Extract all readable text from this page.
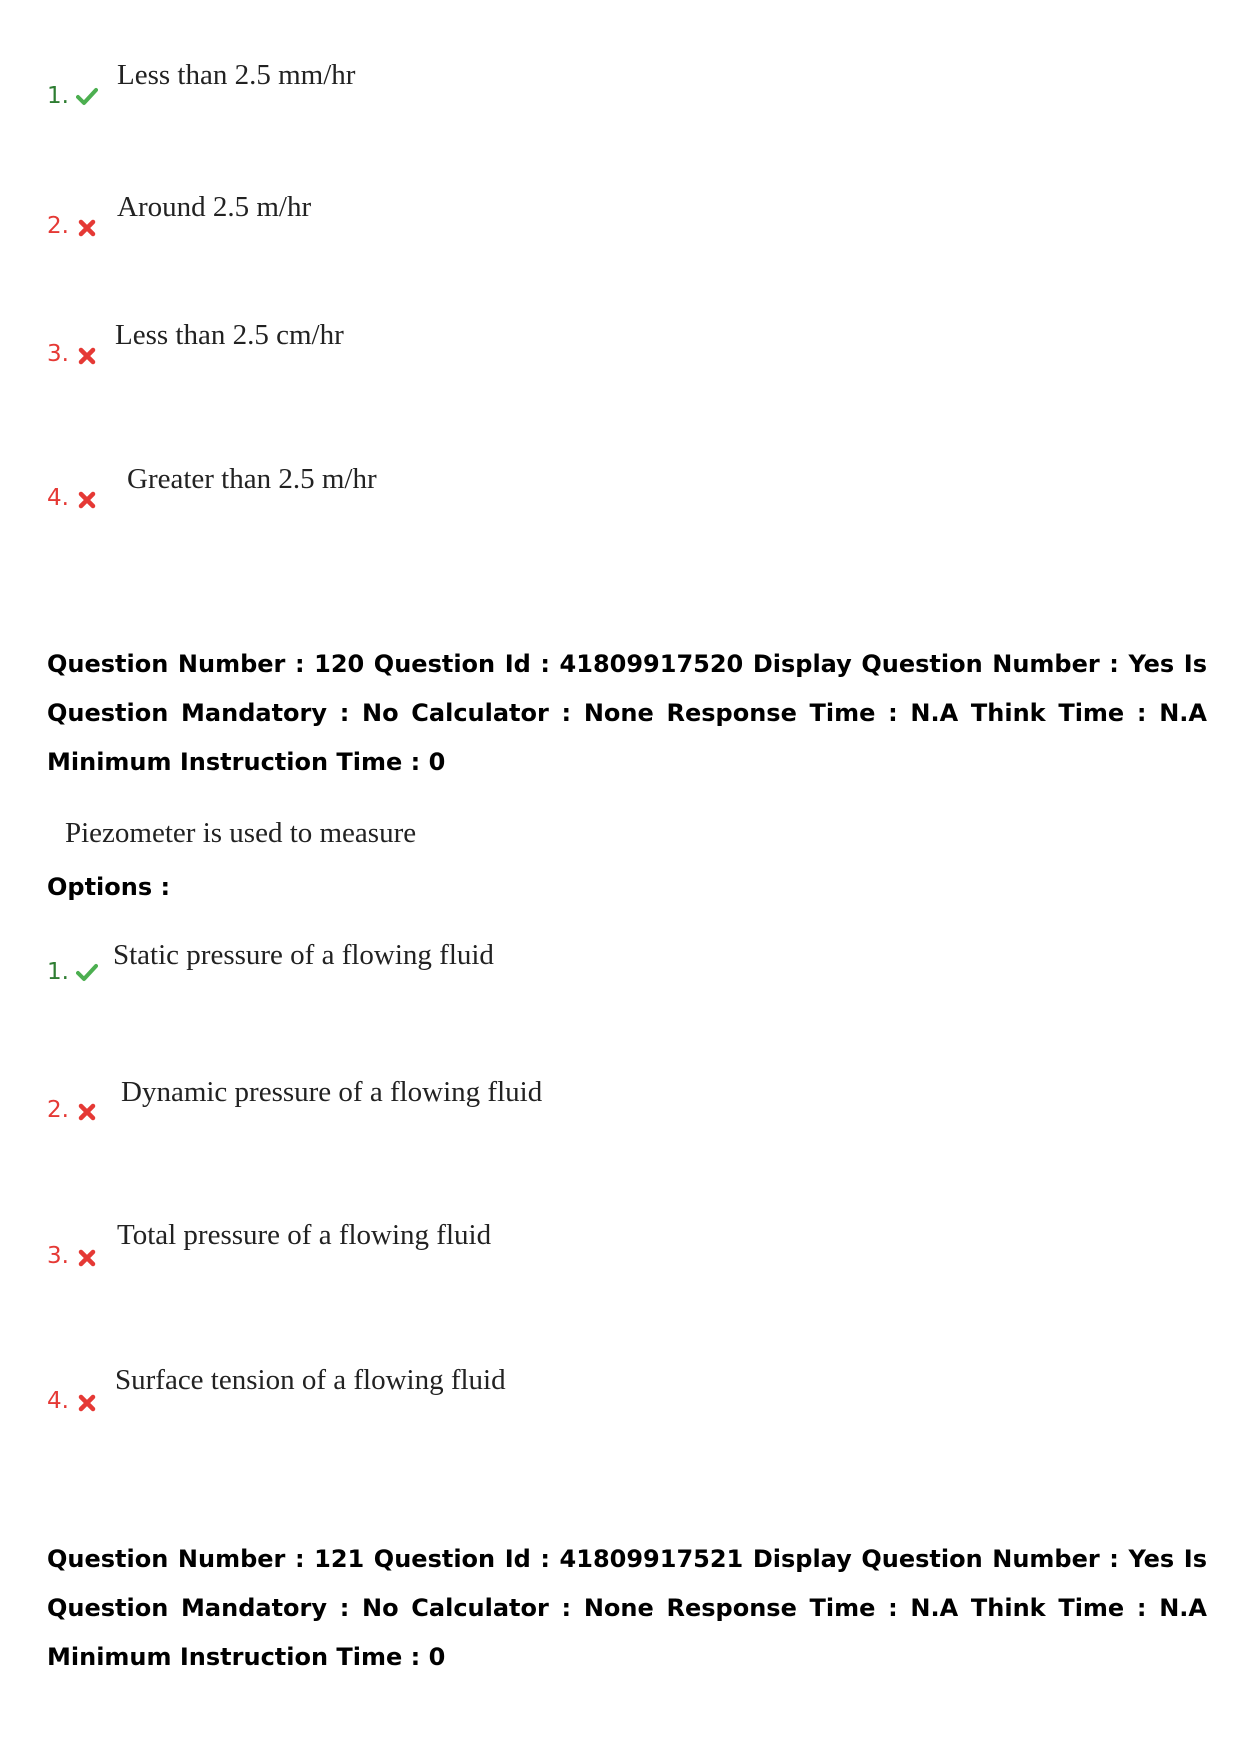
1.
Less than 2.5 mm/hr
2.
Around 2.5 m/hr
3.
Less than 2.5 cm/hr
4.
Greater than 2.5 m/hr
Question Number : 120 Question Id : 41809917520 Display Question Number : Yes Is Question Mandatory : No Calculator : None Response Time : N.A Think Time : N.A Minimum Instruction Time : 0
Piezometer is used to measure
Options :
1.
Static pressure of a flowing fluid
2.
Dynamic pressure of a flowing fluid
3.
Total pressure of a flowing fluid
4.
Surface tension of a flowing fluid
Question Number : 121 Question Id : 41809917521 Display Question Number : Yes Is Question Mandatory : No Calculator : None Response Time : N.A Think Time : N.A Minimum Instruction Time : 0
